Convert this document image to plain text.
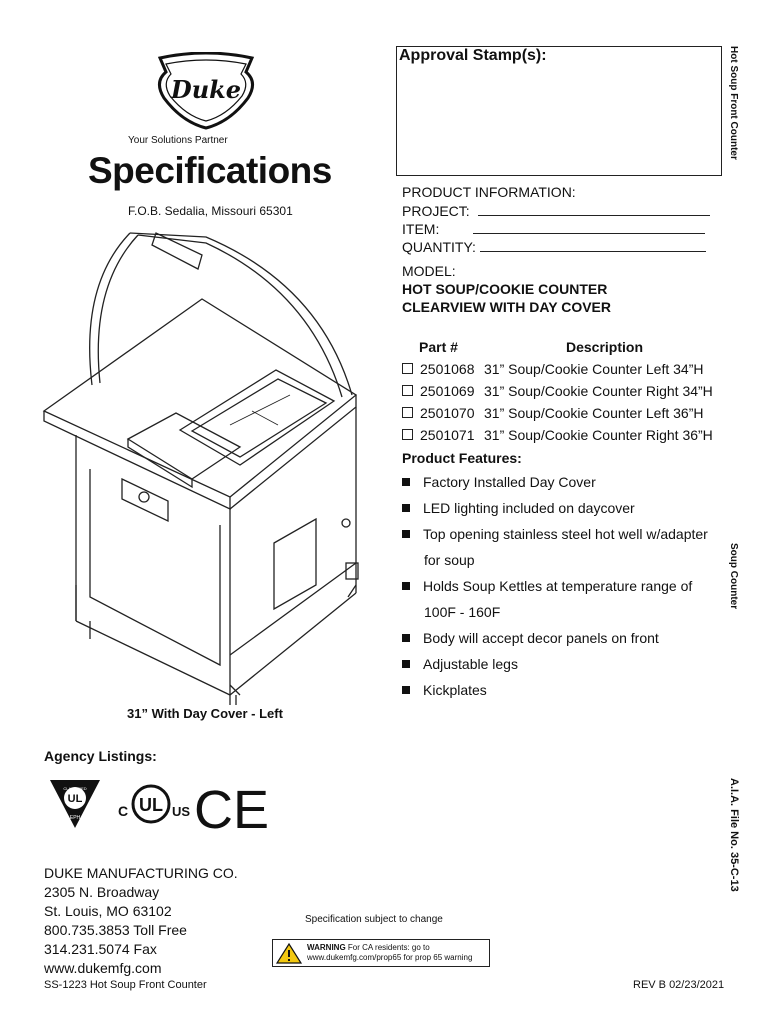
Duke
Your Solutions Partner
Specifications
F.O.B. Sedalia, Missouri 65301
Approval Stamp(s):	Hot Soup Front Counter
Soup Counter
A.I.A. File No. 35-C-13
PRODUCT INFORMATION:
PROJECT:
ITEM:
QUANTITY:
MODEL:
HOT SOUP/COOKIE COUNTER
CLEARVIEW WITH DAY COVER
Part #	Description
2501068 31” Soup/Cookie Counter Left 34”H
2501069 31” Soup/Cookie Counter Right 34”H
2501070 31” Soup/Cookie Counter Left 36”H
2501071 31” Soup/Cookie Counter Right 36”H
Product Features:
Factory Installed Day Cover
LED lighting included on daycover
Top opening stainless steel hot well w/adapter
for soup
Holds Soup Kettles at temperature range of
100F - 160F
Body will accept decor panels on front
Adjustable legs
Kickplates
31” With Day Cover - Left
Agency Listings:
CLASSIFIED
UL
EPH	C UL US CE
DUKE MANUFACTURING CO.
2305 N. Broadway
St. Louis, MO 63102
800.735.3853 Toll Free
314.231.5074 Fax
www.dukemfg.com
Specification subject to change
WARNING For CA residents: go to
www.dukemfg.com/prop65 for prop 65 warning
SS-1223 Hot Soup Front Counter	REV B 02/23/2021
